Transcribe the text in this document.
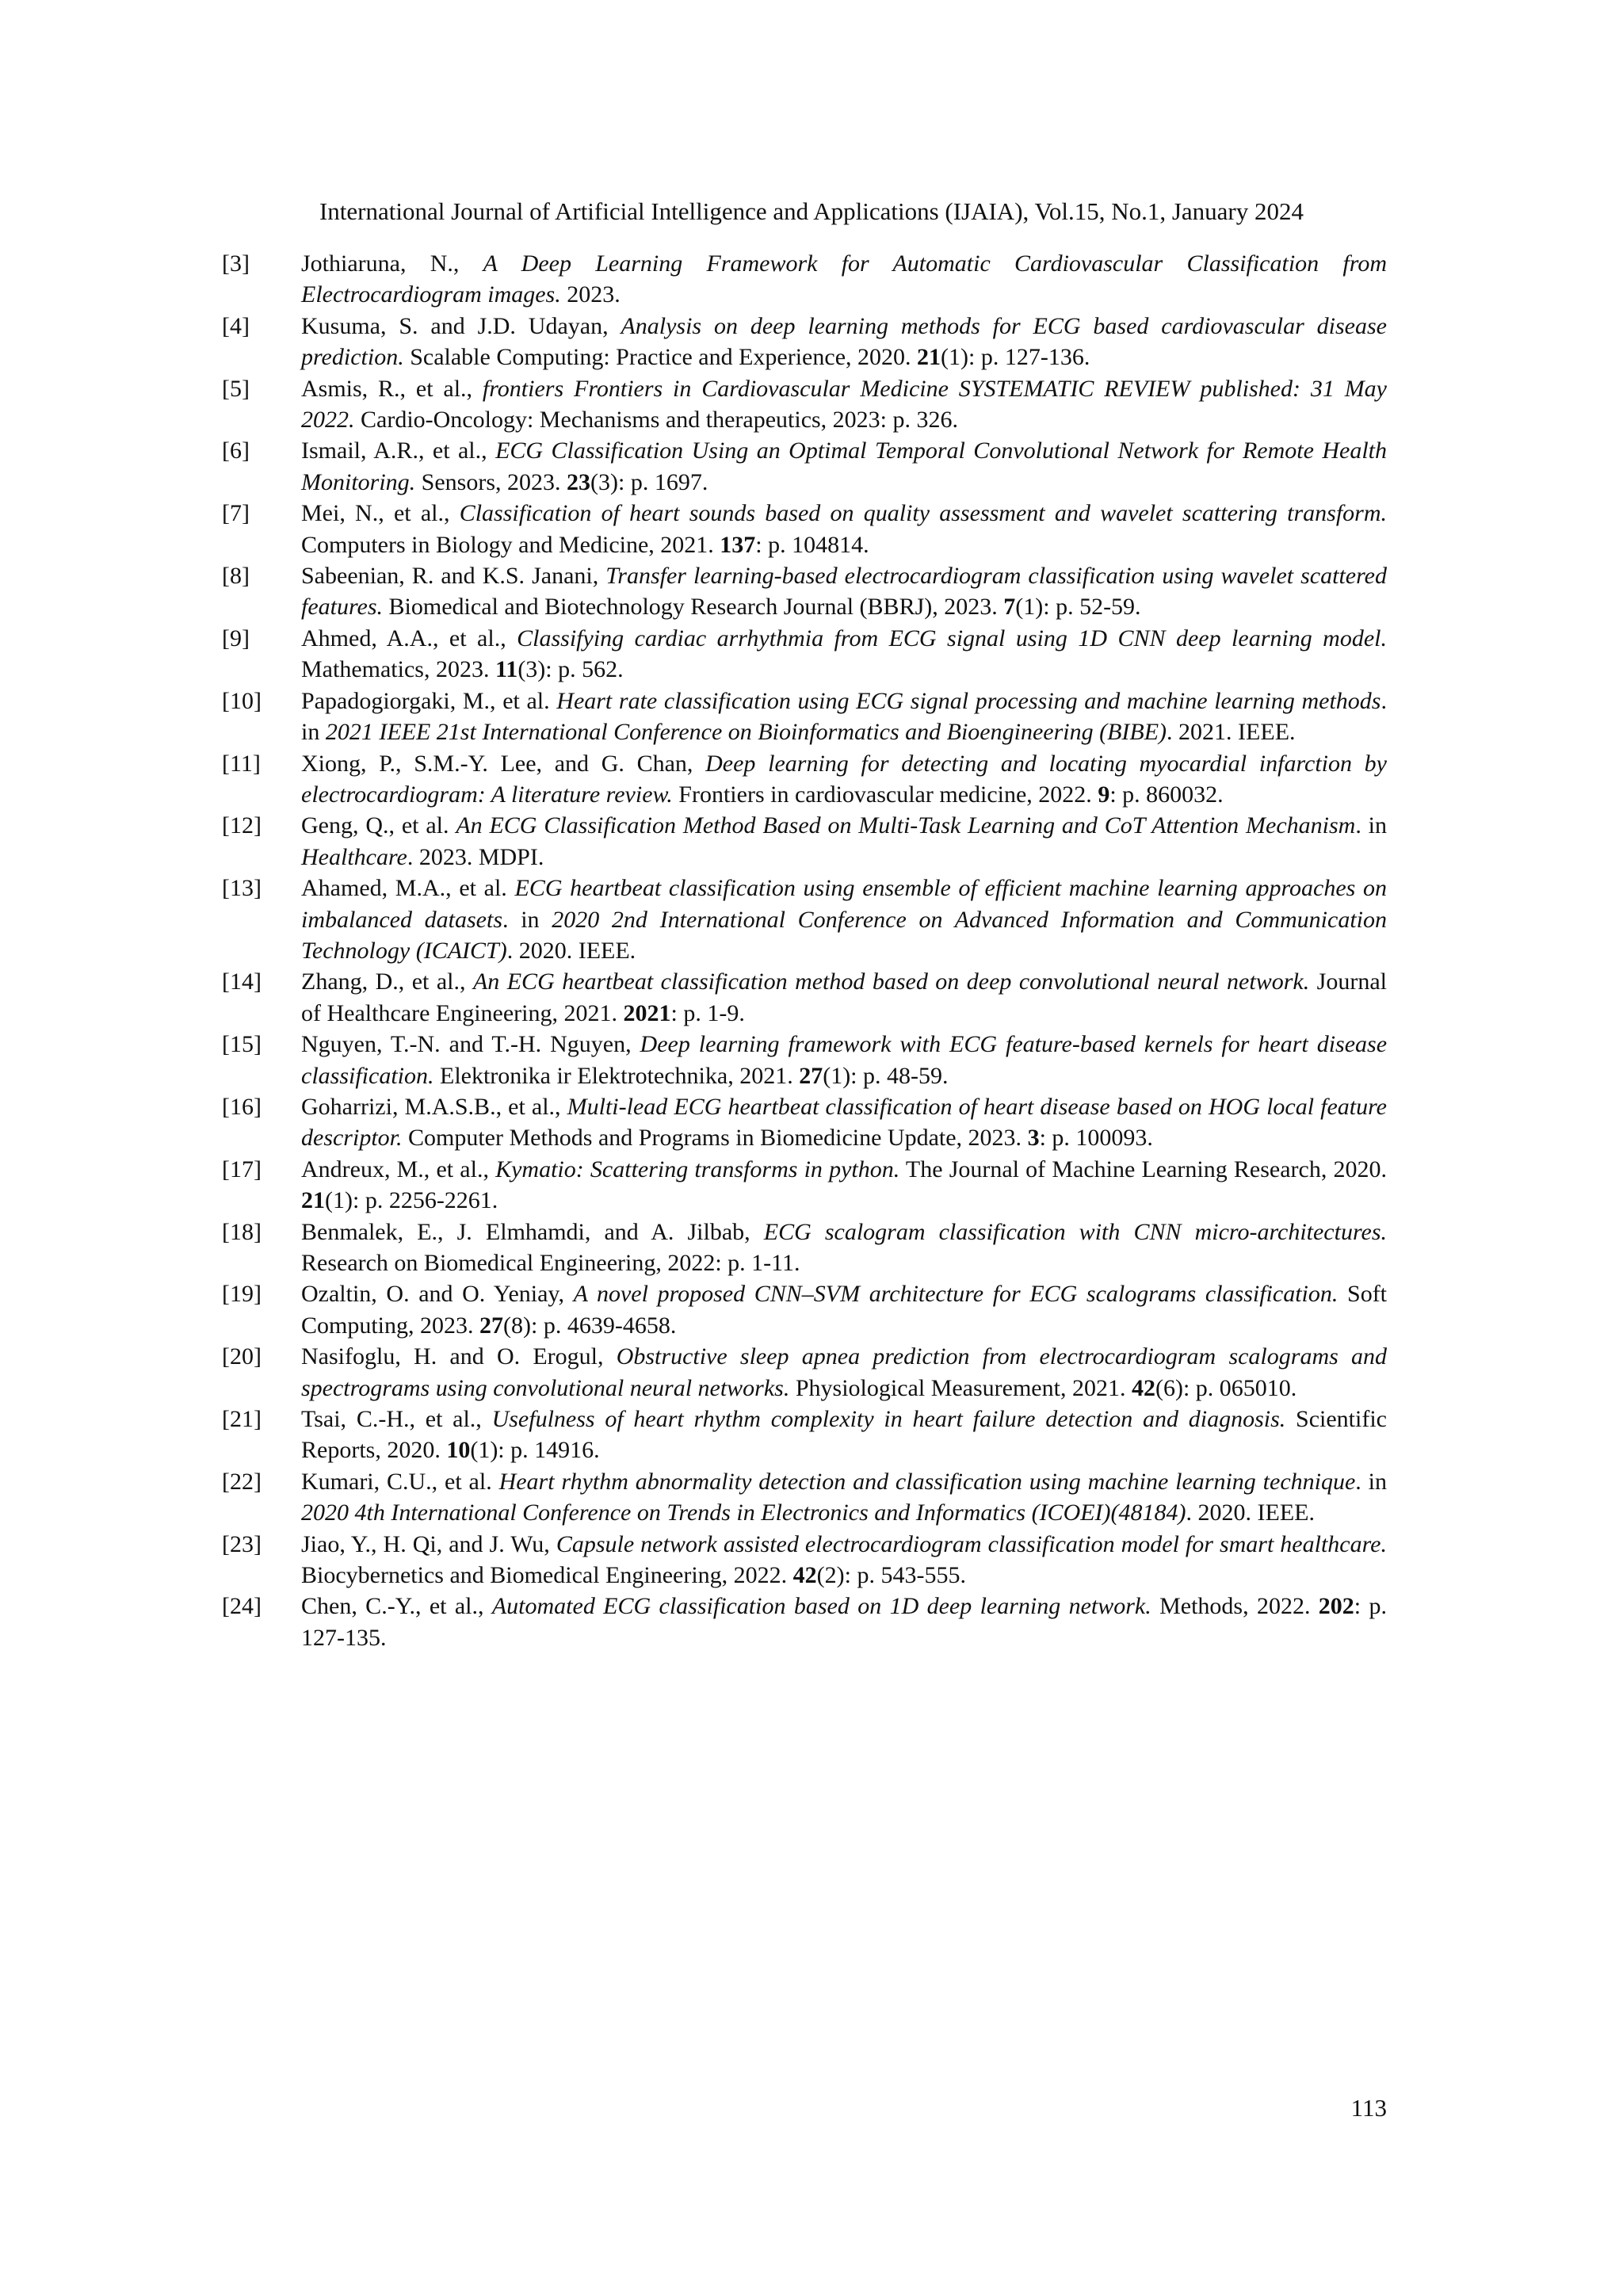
International Journal of Artificial Intelligence and Applications (IJAIA), Vol.15, No.1, January 2024
[3]	Jothiaruna, N., A Deep Learning Framework for Automatic Cardiovascular Classification from Electrocardiogram images. 2023.
[4]	Kusuma, S. and J.D. Udayan, Analysis on deep learning methods for ECG based cardiovascular disease prediction. Scalable Computing: Practice and Experience, 2020. 21(1): p. 127-136.
[5]	Asmis, R., et al., frontiers Frontiers in Cardiovascular Medicine SYSTEMATIC REVIEW published: 31 May 2022. Cardio-Oncology: Mechanisms and therapeutics, 2023: p. 326.
[6]	Ismail, A.R., et al., ECG Classification Using an Optimal Temporal Convolutional Network for Remote Health Monitoring. Sensors, 2023. 23(3): p. 1697.
[7]	Mei, N., et al., Classification of heart sounds based on quality assessment and wavelet scattering transform. Computers in Biology and Medicine, 2021. 137: p. 104814.
[8]	Sabeenian, R. and K.S. Janani, Transfer learning-based electrocardiogram classification using wavelet scattered features. Biomedical and Biotechnology Research Journal (BBRJ), 2023. 7(1): p. 52-59.
[9]	Ahmed, A.A., et al., Classifying cardiac arrhythmia from ECG signal using 1D CNN deep learning model. Mathematics, 2023. 11(3): p. 562.
[10]	Papadogiorgaki, M., et al. Heart rate classification using ECG signal processing and machine learning methods. in 2021 IEEE 21st International Conference on Bioinformatics and Bioengineering (BIBE). 2021. IEEE.
[11]	Xiong, P., S.M.-Y. Lee, and G. Chan, Deep learning for detecting and locating myocardial infarction by electrocardiogram: A literature review. Frontiers in cardiovascular medicine, 2022. 9: p. 860032.
[12]	Geng, Q., et al. An ECG Classification Method Based on Multi-Task Learning and CoT Attention Mechanism. in Healthcare. 2023. MDPI.
[13]	Ahamed, M.A., et al. ECG heartbeat classification using ensemble of efficient machine learning approaches on imbalanced datasets. in 2020 2nd International Conference on Advanced Information and Communication Technology (ICAICT). 2020. IEEE.
[14]	Zhang, D., et al., An ECG heartbeat classification method based on deep convolutional neural network. Journal of Healthcare Engineering, 2021. 2021: p. 1-9.
[15]	Nguyen, T.-N. and T.-H. Nguyen, Deep learning framework with ECG feature-based kernels for heart disease classification. Elektronika ir Elektrotechnika, 2021. 27(1): p. 48-59.
[16]	Goharrizi, M.A.S.B., et al., Multi-lead ECG heartbeat classification of heart disease based on HOG local feature descriptor. Computer Methods and Programs in Biomedicine Update, 2023. 3: p. 100093.
[17]	Andreux, M., et al., Kymatio: Scattering transforms in python. The Journal of Machine Learning Research, 2020. 21(1): p. 2256-2261.
[18]	Benmalek, E., J. Elmhamdi, and A. Jilbab, ECG scalogram classification with CNN micro-architectures. Research on Biomedical Engineering, 2022: p. 1-11.
[19]	Ozaltin, O. and O. Yeniay, A novel proposed CNN–SVM architecture for ECG scalograms classification. Soft Computing, 2023. 27(8): p. 4639-4658.
[20]	Nasifoglu, H. and O. Erogul, Obstructive sleep apnea prediction from electrocardiogram scalograms and spectrograms using convolutional neural networks. Physiological Measurement, 2021. 42(6): p. 065010.
[21]	Tsai, C.-H., et al., Usefulness of heart rhythm complexity in heart failure detection and diagnosis. Scientific Reports, 2020. 10(1): p. 14916.
[22]	Kumari, C.U., et al. Heart rhythm abnormality detection and classification using machine learning technique. in 2020 4th International Conference on Trends in Electronics and Informatics (ICOEI)(48184). 2020. IEEE.
[23]	Jiao, Y., H. Qi, and J. Wu, Capsule network assisted electrocardiogram classification model for smart healthcare. Biocybernetics and Biomedical Engineering, 2022. 42(2): p. 543-555.
[24]	Chen, C.-Y., et al., Automated ECG classification based on 1D deep learning network. Methods, 2022. 202: p. 127-135.
113
